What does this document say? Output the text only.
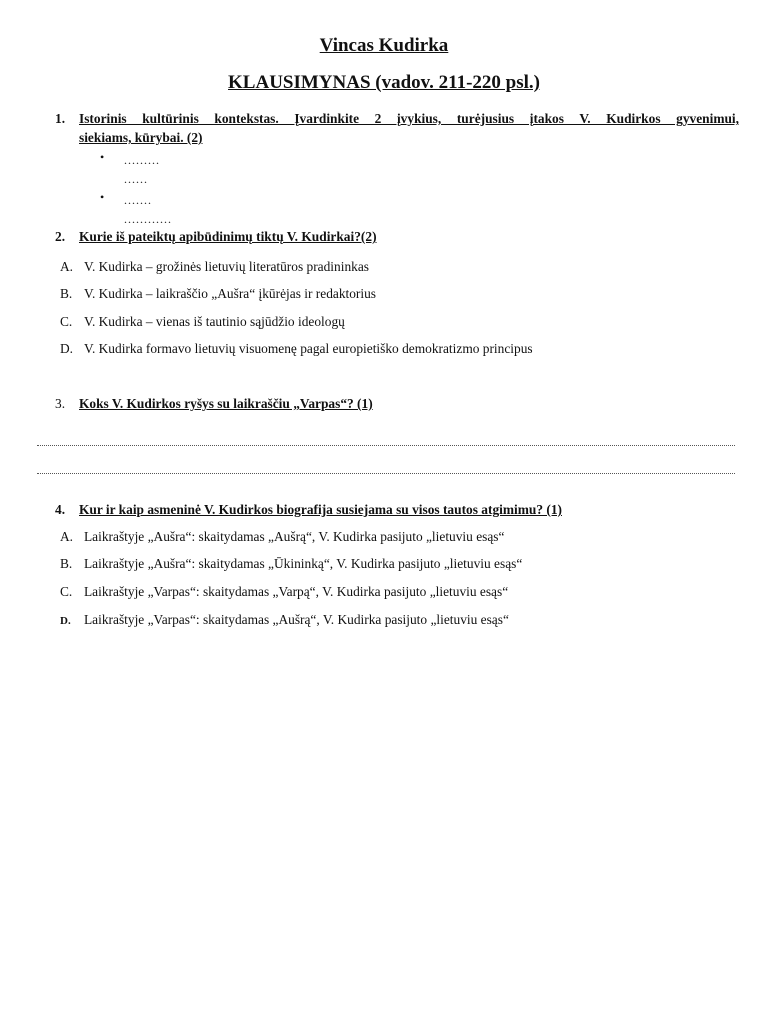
Vincas Kudirka
KLAUSIMYNAS (vadov. 211-220 psl.)
1. Istorinis kultūrinis kontekstas. Įvardinkite 2 įvykius, turėjusius įtakos V. Kudirkos gyvenimui,
siekiams, kūrybai. (2)
• .........
......
• .......
............
2. Kurie iš pateiktų apibūdinimų tiktų V. Kudirkai?(2)
A. V. Kudirka – grožinės lietuvių literatūros pradininkas
B. V. Kudirka – laikraščio „Aušra“ įkūrėjas ir redaktorius
C. V. Kudirka – vienas iš tautinio sąjūdžio ideologų
D. V. Kudirka formavo lietuvių visuomenę pagal europietiško demokratizmo principus
3. Koks V. Kudirkos ryšys su laikraščiu „Varpas“? (1)
4. Kur ir kaip asmeninė V. Kudirkos biografija susiejama su visos tautos atgimimu? (1)
A. Laikraštyje „Aušra“: skaitydamas „Aušrą“, V. Kudirka pasijuto „lietuviu esąs“
B. Laikraštyje „Aušra“: skaitydamas „Ūkininką“, V. Kudirka pasijuto „lietuviu esąs“
C. Laikraštyje „Varpas“: skaitydamas „Varpą“, V. Kudirka pasijuto „lietuviu esąs“
D. Laikraštyje „Varpas“: skaitydamas „Aušrą“, V. Kudirka pasijuto „lietuviu esąs“
